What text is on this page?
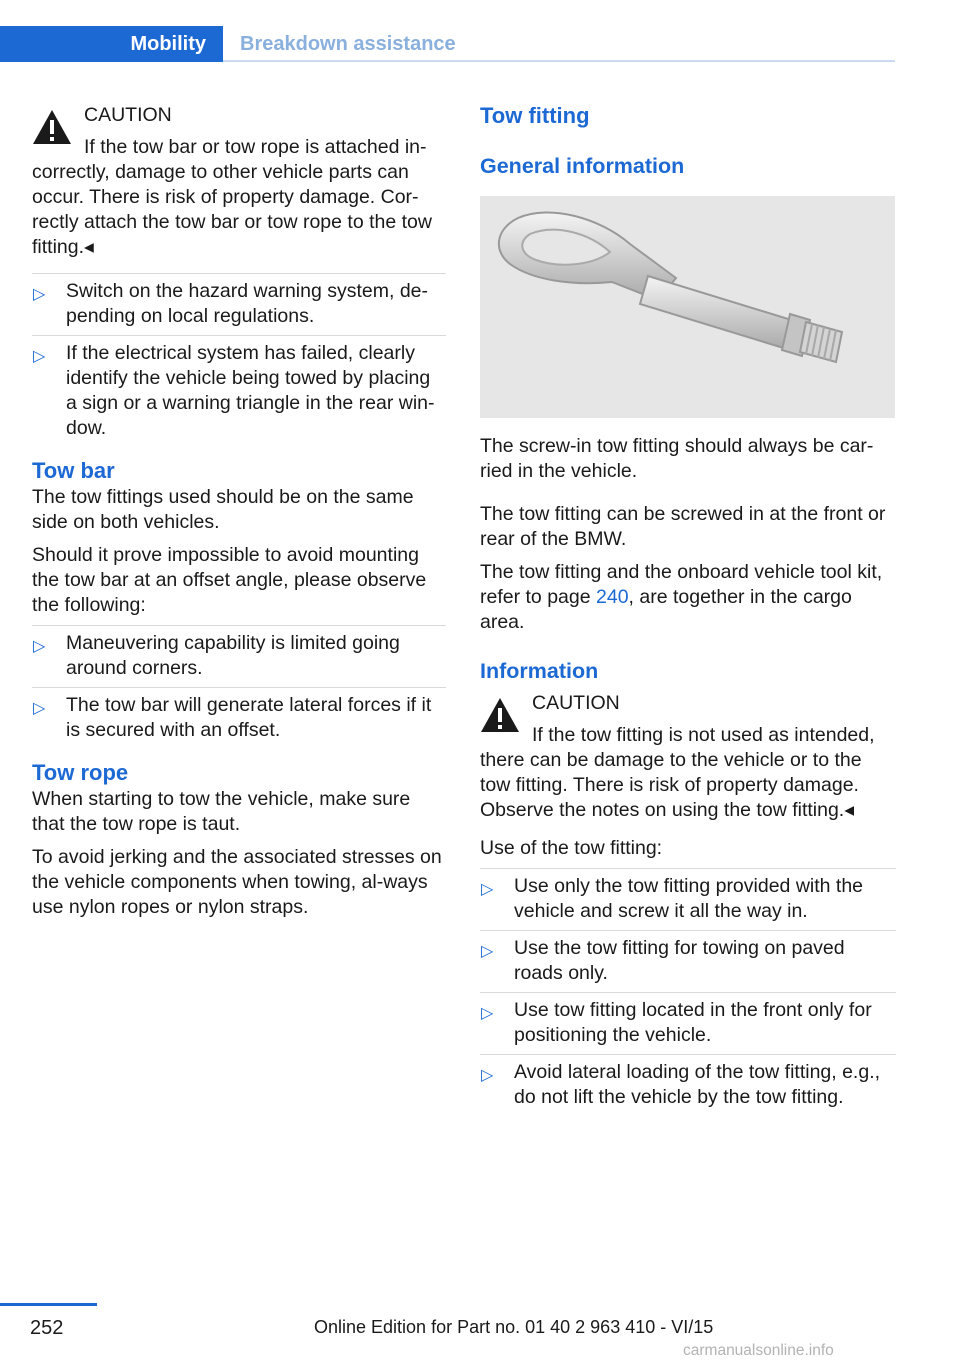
Mobility	Breakdown assistance
CAUTION

If the tow bar or tow rope is attached in-

correctly, damage to other vehicle parts can occur. There is risk of property damage. Cor-rectly attach the tow bar or tow rope to the tow fitting.◂

▷ Switch on the hazard warning system, de-pending on local regulations.
▷ If the electrical system has failed, clearly identify the vehicle being towed by placing a sign or a warning triangle in the rear win-dow.
Tow bar

The tow fittings used should be on the same side on both vehicles.

Should it prove impossible to avoid mounting the tow bar at an offset angle, please observe the following:

▷ Maneuvering capability is limited going around corners.
▷ The tow bar will generate lateral forces if it is secured with an offset.
Tow rope

When starting to tow the vehicle, make sure that the tow rope is taut.

To avoid jerking and the associated stresses on the vehicle components when towing, al-ways use nylon ropes or nylon straps.

Tow fitting
General information

The screw-in tow fitting should always be car-ried in the vehicle.

The tow fitting can be screwed in at the front or rear of the BMW.

The tow fitting and the onboard vehicle tool kit, refer to page 240, are together in the cargo area.

Information
CAUTION

If the tow fitting is not used as intended,

there can be damage to the vehicle or to the tow fitting. There is risk of property damage. Observe the notes on using the tow fitting.◂

Use of the tow fitting:

▷ Use only the tow fitting provided with the vehicle and screw it all the way in.
▷ Use the tow fitting for towing on paved roads only.
▷ Use tow fitting located in the front only for positioning the vehicle.
▷ Avoid lateral loading of the tow fitting, e.g., do not lift the vehicle by the tow fitting.
252	Online Edition for Part no. 01 40 2 963 410 - VI/15
carmanualsonline.info
